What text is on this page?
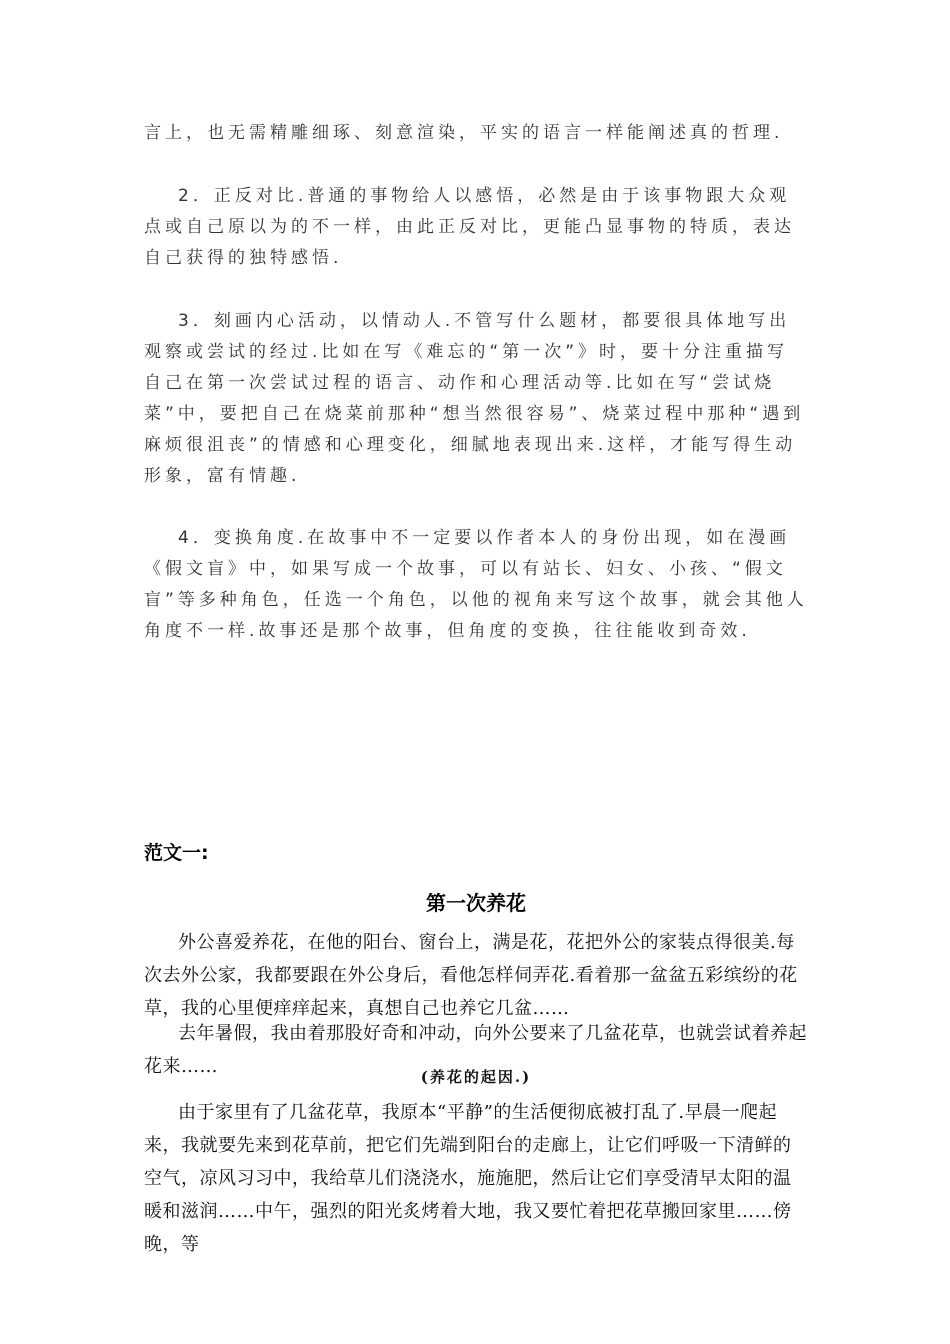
言上，也无需精雕细琢、刻意渲染，平实的语言一样能阐述真的哲理.

2．正反对比.普通的事物给人以感悟，必然是由于该事物跟大众观点或自己原以为的不一样，由此正反对比，更能凸显事物的特质，表达自己获得的独特感悟.

3．刻画内心活动，以情动人.不管写什么题材，都要很具体地写出观察或尝试的经过.比如在写《难忘的“第一次”》时，要十分注重描写自己在第一次尝试过程的语言、动作和心理活动等.比如在写“尝试烧菜”中，要把自己在烧菜前那种“想当然很容易”、烧菜过程中那种“遇到麻烦很沮丧”的情感和心理变化，细腻地表现出来.这样，才能写得生动形象，富有情趣.

4．变换角度.在故事中不一定要以作者本人的身份出现，如在漫画《假文盲》中，如果写成一个故事，可以有站长、妇女、小孩、“假文盲”等多种角色，任选一个角色，以他的视角来写这个故事，就会其他人角度不一样.故事还是那个故事，但角度的变换，往往能收到奇效.

范文一:
第一次养花

外公喜爱养花，在他的阳台、窗台上，满是花，花把外公的家装点得很美.每次去外公家，我都要跟在外公身后，看他怎样伺弄花.看着那一盆盆五彩缤纷的花草，我的心里便痒痒起来，真想自己也养它几盆……

去年暑假，我由着那股好奇和冲动，向外公要来了几盆花草，也就尝试着养起花来……	(养花的起因.)

由于家里有了几盆花草，我原本“平静”的生活便彻底被打乱了.早晨一爬起来，我就要先来到花草前，把它们先端到阳台的走廊上，让它们呼吸一下清鲜的空气，凉风习习中，我给草儿们浇浇水，施施肥，然后让它们享受清早太阳的温暖和滋润……中午，强烈的阳光炙烤着大地，我又要忙着把花草搬回家里……傍晚，等
